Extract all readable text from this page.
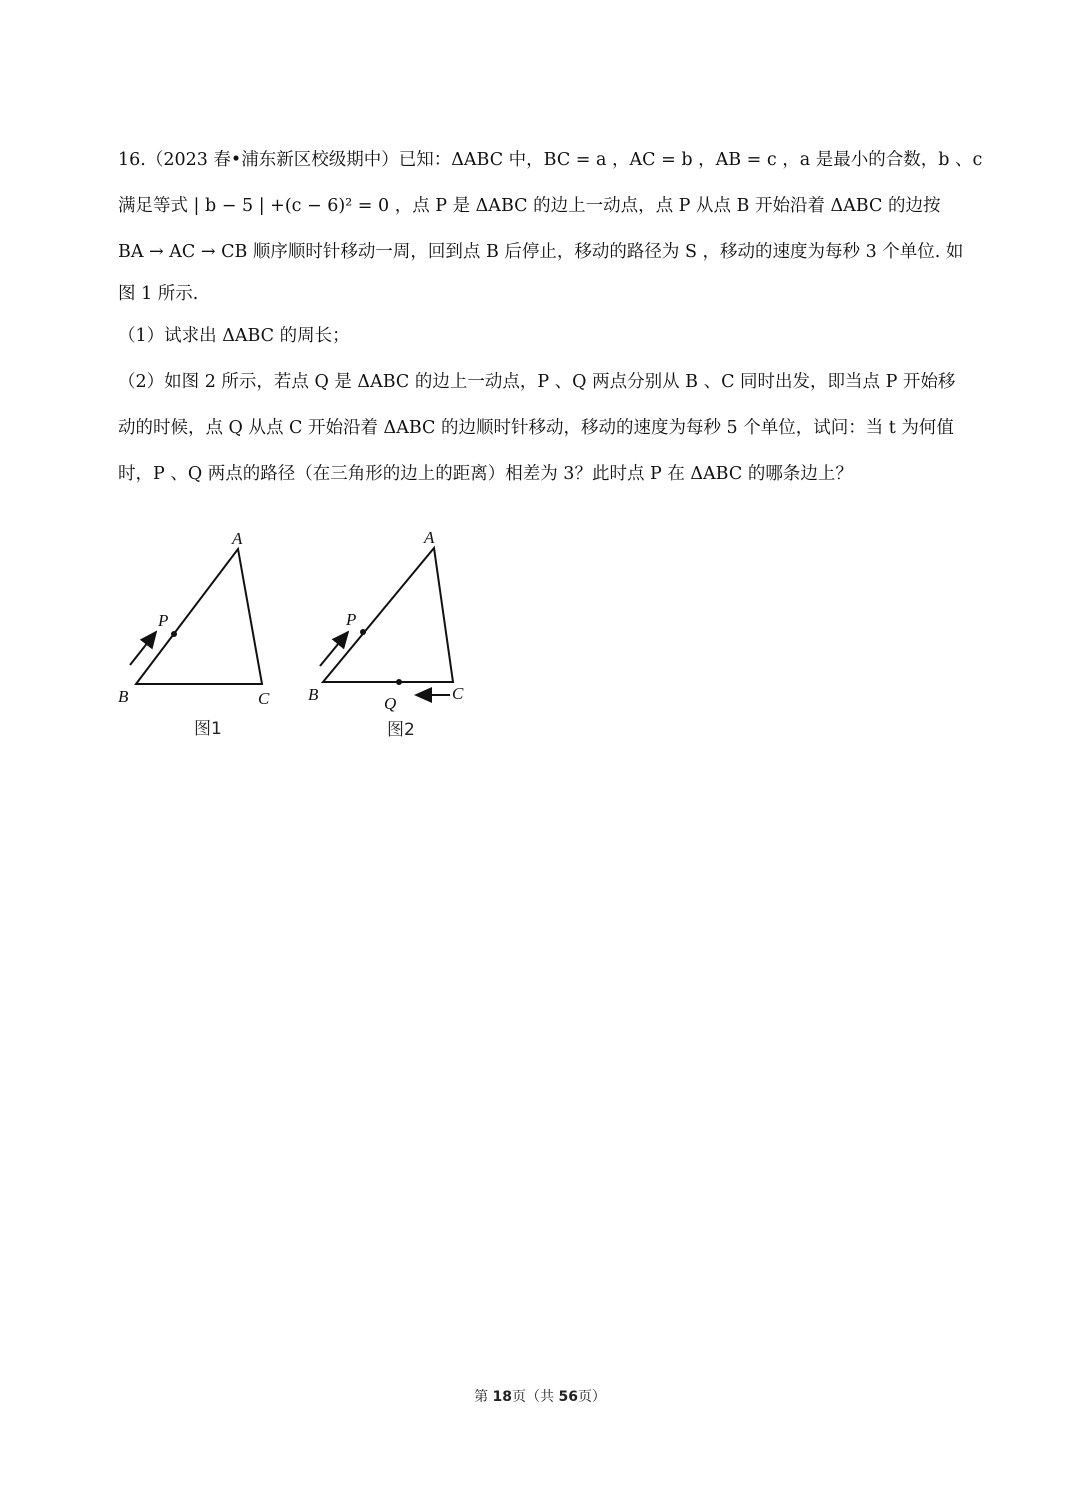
16.（2023 春•浦东新区校级期中）已知：ΔABC 中，BC = a ，AC = b ，AB = c ，a 是最小的合数，b 、c
满足等式 | b − 5 | +(c − 6)² = 0 ，点 P 是 ΔABC 的边上一动点，点 P 从点 B 开始沿着 ΔABC 的边按
BA → AC → CB 顺序顺时针移动一周，回到点 B 后停止，移动的路径为 S ，移动的速度为每秒 3 个单位. 如
图 1 所示.
（1）试求出 ΔABC 的周长；
（2）如图 2 所示，若点 Q 是 ΔABC 的边上一动点，P 、Q 两点分别从 B 、C 同时出发，即当点 P 开始移
动的时候，点 Q 从点 C 开始沿着 ΔABC 的边顺时针移动，移动的速度为每秒 5 个单位，试问：当 t 为何值
时，P 、Q 两点的路径（在三角形的边上的距离）相差为 3？此时点 P 在 ΔABC 的哪条边上？
A
B	C
P
图1
A
B	C
P
Q
图2
第 18页（共 56页）
